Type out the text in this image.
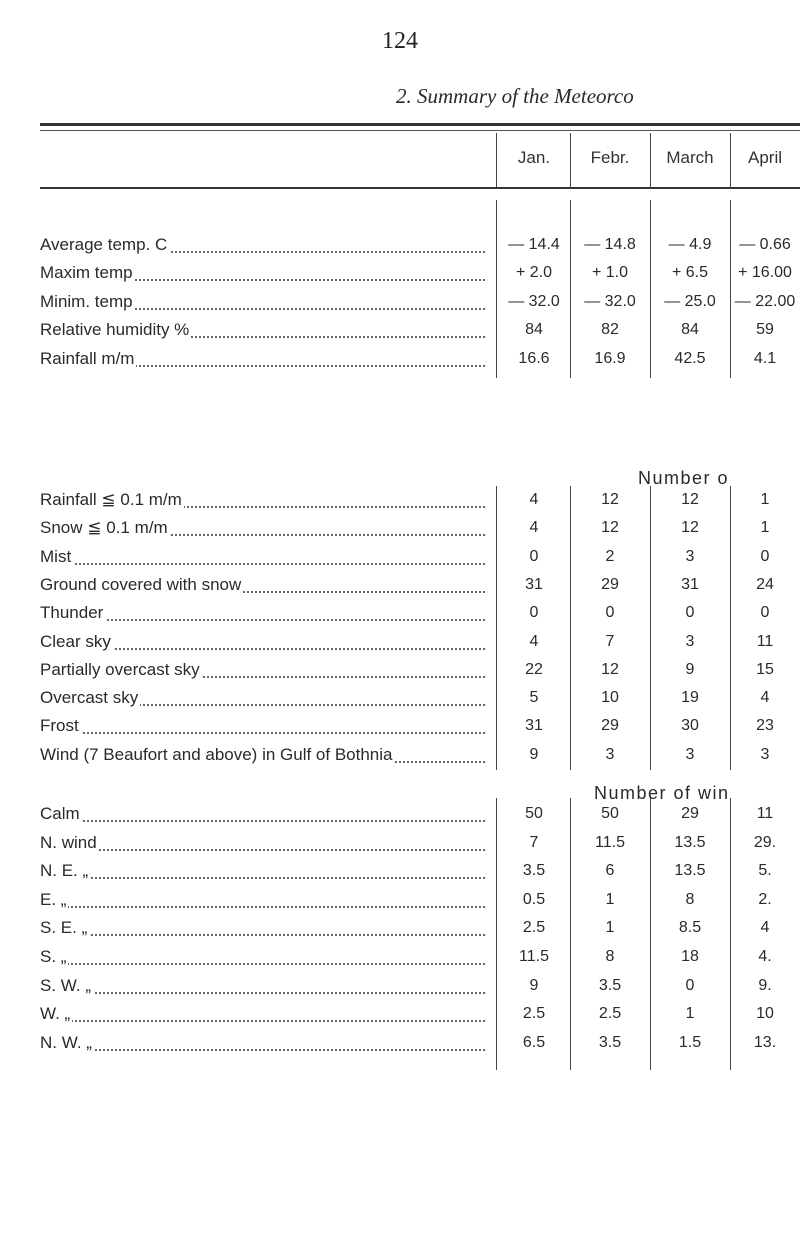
124
2. Summary of the Meteorco
Jan.	Febr.	March	April
Average temp. C	— 14.4	— 14.8	— 4.9	— 0.66
Maxim temp	+ 2.0	+ 1.0	+ 6.5	+ 16.00
Minim. temp	— 32.0	— 32.0	— 25.0	— 22.00
Relative humidity %	84	82	84	59
Rainfall m/m	16.6	16.9	42.5	4.1
Rainfall ≦ 0.1 m/m	4	12	12	1
Snow ≦ 0.1 m/m	4	12	12	1
Mist	0	2	3	0
Ground covered with snow	31	29	31	24
Thunder	0	0	0	0
Clear sky	4	7	3	11
Partially overcast sky	22	12	9	15
Overcast sky	5	10	19	4
Frost	31	29	30	23
Wind (7 Beaufort and above) in Gulf of Bothnia	9	3	3	3
Calm	50	50	29	11
N. wind	7	11.5	13.5	29.
N. E. „	3.5	6	13.5	5.
E. „	0.5	1	8	2.
S. E. „	2.5	1	8.5	4
S. „	11.5	8	18	4.
S. W. „	9	3.5	0	9.
W. „	2.5	2.5	1	10
N. W. „	6.5	3.5	1.5	13.
Number o
Number of win
